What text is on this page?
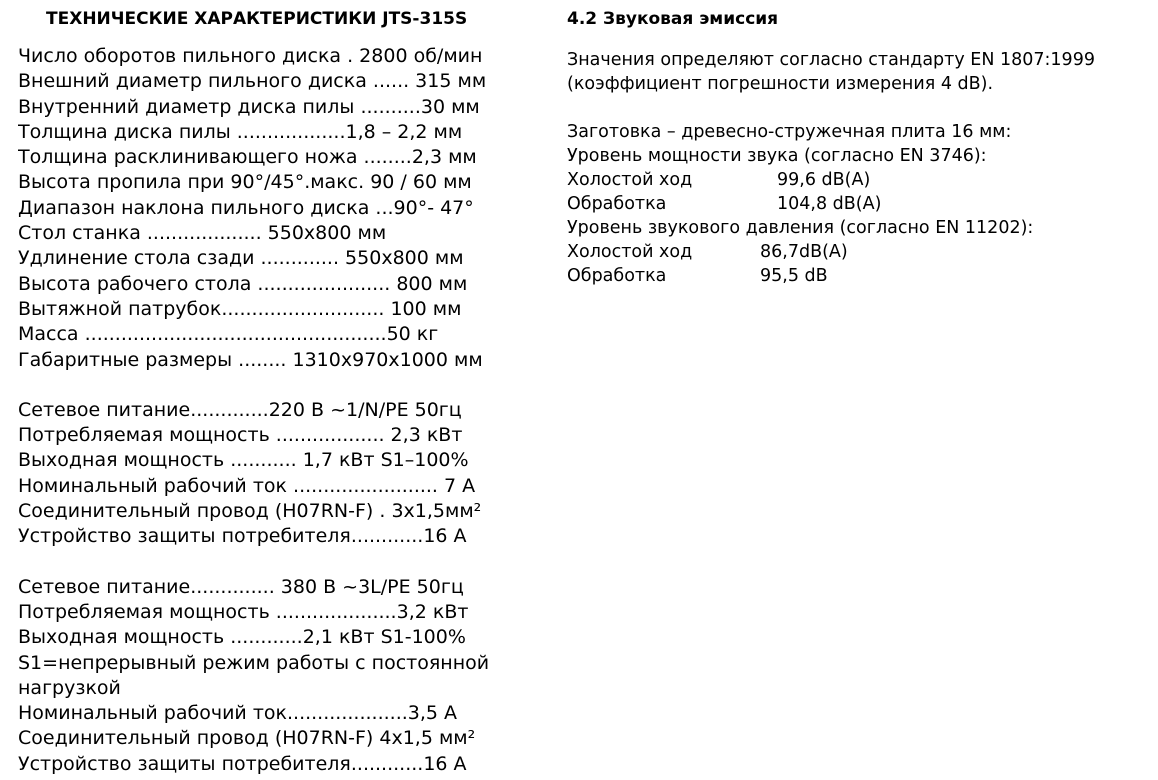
ТЕХНИЧЕСКИЕ ХАРАКТЕРИСТИКИ JTS-315S
Число оборотов пильного диска . 2800 об/мин
Внешний диаметр пильного диска ...... 315 мм
Внутренний диаметр диска пилы ..........30 мм
Толщина диска пилы ..................1,8 – 2,2 мм
Толщина расклинивающего ножа ........2,3 мм
Высота пропила при 90°/45°.макс. 90 / 60 мм
Диапазон наклона пильного диска ...90°- 47°
Стол станка ................... 550x800 мм
Удлинение стола сзади ............. 550x800 мм
Высота рабочего стола ...................... 800 мм
Вытяжной патрубок........................... 100 мм
Масса ..................................................50 кг
Габаритные размеры ........ 1310x970x1000 мм
Сетевое питание.............220 В ~1/N/PE 50гц
Потребляемая мощность .................. 2,3 кВт
Выходная мощность ........... 1,7 кВт S1–100%
Номинальный рабочий ток ........................ 7 А
Соединительный провод (H07RN-F) . 3x1,5мм²
Устройство защиты потребителя............16 А
Сетевое питание.............. 380 В ~3L/PE 50гц
Потребляемая мощность ....................3,2 кВт
Выходная мощность ............2,1 кВт S1-100%
S1=непрерывный режим работы с постоянной нагрузкой
Номинальный рабочий ток....................3,5 А
Соединительный провод (H07RN-F) 4x1,5 мм²
Устройство защиты потребителя............16 А
4.2 Звуковая эмиссия
Значения определяют согласно стандарту EN 1807:1999
(коэффициент погрешности измерения 4 dB).
Заготовка – древесно-стружечная плита 16 мм:
Уровень мощности звука (согласно EN 3746):
Холостой ход	99,6 dB(A)
Обработка	104,8 dB(A)
Уровень звукового давления (согласно EN 11202):
Холостой ход	86,7dB(A)
Обработка	95,5 dB
